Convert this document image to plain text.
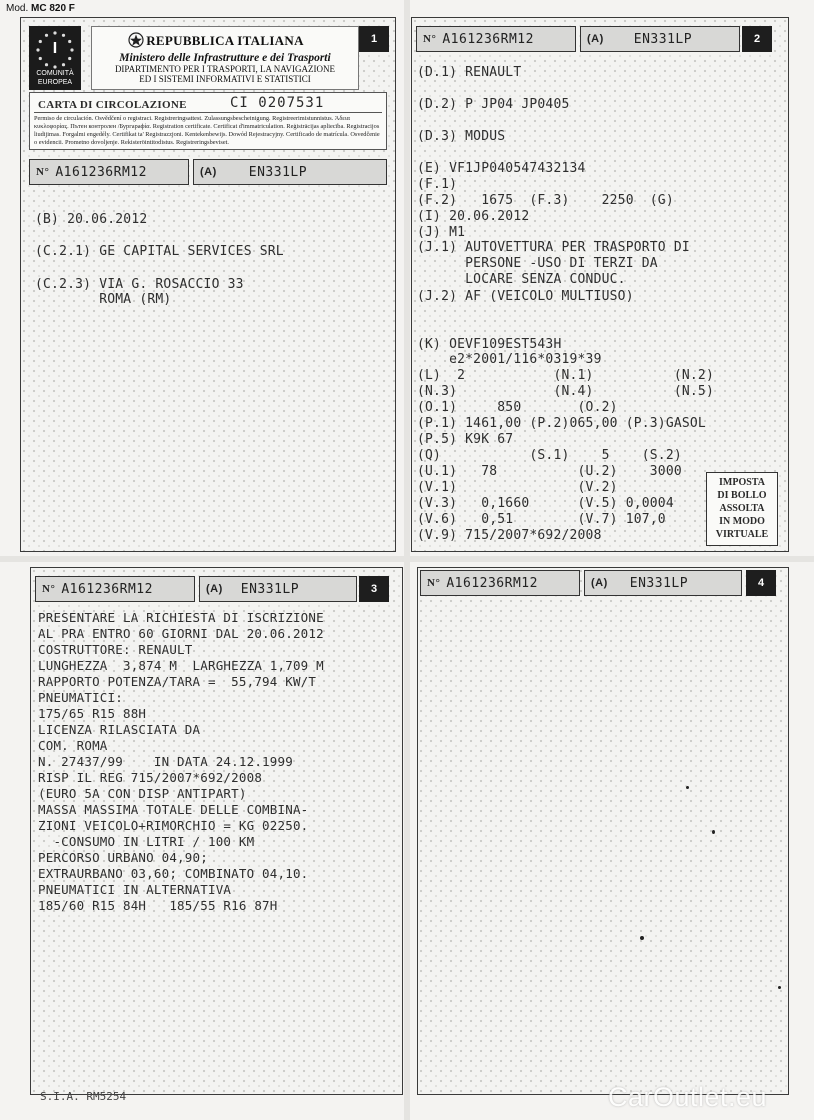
Mod. MC 820 F
I
COMUNITÀ
EUROPEA
REPUBBLICA ITALIANA
Ministero delle Infrastrutture e dei Trasporti
DIPARTIMENTO PER I TRASPORTI, LA NAVIGAZIONE
ED I SISTEMI INFORMATIVI E STATISTICI
1
CARTA DI CIRCOLAZIONE	CI 0207531
Permiso de circulación. Osvědčení o registraci. Registreringsattest. Zulassungsbescheinigung. Registreerimistunnistus. Άδεια κυκλοφορίας. Пътен контролен /Бургарафία. Registration certificate. Certificat d'immatriculation. Reģistrācijas apliecība. Registracijos liudijimas. Forgalmi engedély. Certifikat ta' Registrazzjoni. Kentekenbewijs. Dowód Rejestracyjny. Certificado de matrícula. Osvedčenie o evidencii. Prometno dovoljenje. Rekisteröintitodistus. Registreringsbeviset.
N° A161236RM12	(A) EN331LP
(B) 20.06.2012
(C.2.1) GE CAPITAL SERVICES SRL
(C.2.3) VIA G. ROSACCIO 33
ROMA (RM)
N° A161236RM12	(A) EN331LP	2
(D.1) RENAULT
(D.2) P JP04 JP0405
(D.3) MODUS
(E) VF1JP040547432134
(F.1)
(F.2)   1675  (F.3)    2250  (G)
(I) 20.06.2012
(J) M1
(J.1) AUTOVETTURA PER TRASPORTO DI
PERSONE -USO DI TERZI DA
LOCARE SENZA CONDUC.
(J.2) AF (VEICOLO MULTIUSO)
(K) OEVF109EST543H
e2*2001/116*0319*39
(L)  2           (N.1)          (N.2)
(N.3)            (N.4)          (N.5)
(O.1)     850       (O.2)
(P.1) 1461,00 (P.2)065,00 (P.3)GASOL
(P.5) K9K 67
(Q)           (S.1)    5    (S.2)
(U.1)   78          (U.2)    3000
(V.1)               (V.2)
(V.3)   0,1660      (V.5) 0,0004
(V.6)   0,51        (V.7) 107,0
(V.9) 715/2007*692/2008
IMPOSTA
DI BOLLO
ASSOLTA
IN MODO
VIRTUALE
N° A161236RM12	(A) EN331LP	3
PRESENTARE LA RICHIESTA DI ISCRIZIONE
AL PRA ENTRO 60 GIORNI DAL 20.06.2012
COSTRUTTORE: RENAULT
LUNGHEZZA  3,874 M  LARGHEZZA 1,709 M
RAPPORTO POTENZA/TARA =  55,794 KW/T
PNEUMATICI:
175/65 R15 88H
LICENZA RILASCIATA DA
COM. ROMA
N. 27437/99    IN DATA 24.12.1999
RISP IL REG 715/2007*692/2008
(EURO 5A CON DISP ANTIPART)
MASSA MASSIMA TOTALE DELLE COMBINA-
ZIONI VEICOLO+RIMORCHIO = KG 02250.
-CONSUMO IN LITRI / 100 KM
PERCORSO URBANO 04,90;
EXTRAURBANO 03,60; COMBINATO 04,10.
PNEUMATICI IN ALTERNATIVA
185/60 R15 84H   185/55 R16 87H
N° A161236RM12	(A) EN331LP	4
S.I.A. RM5254	CarOutlet.eu
